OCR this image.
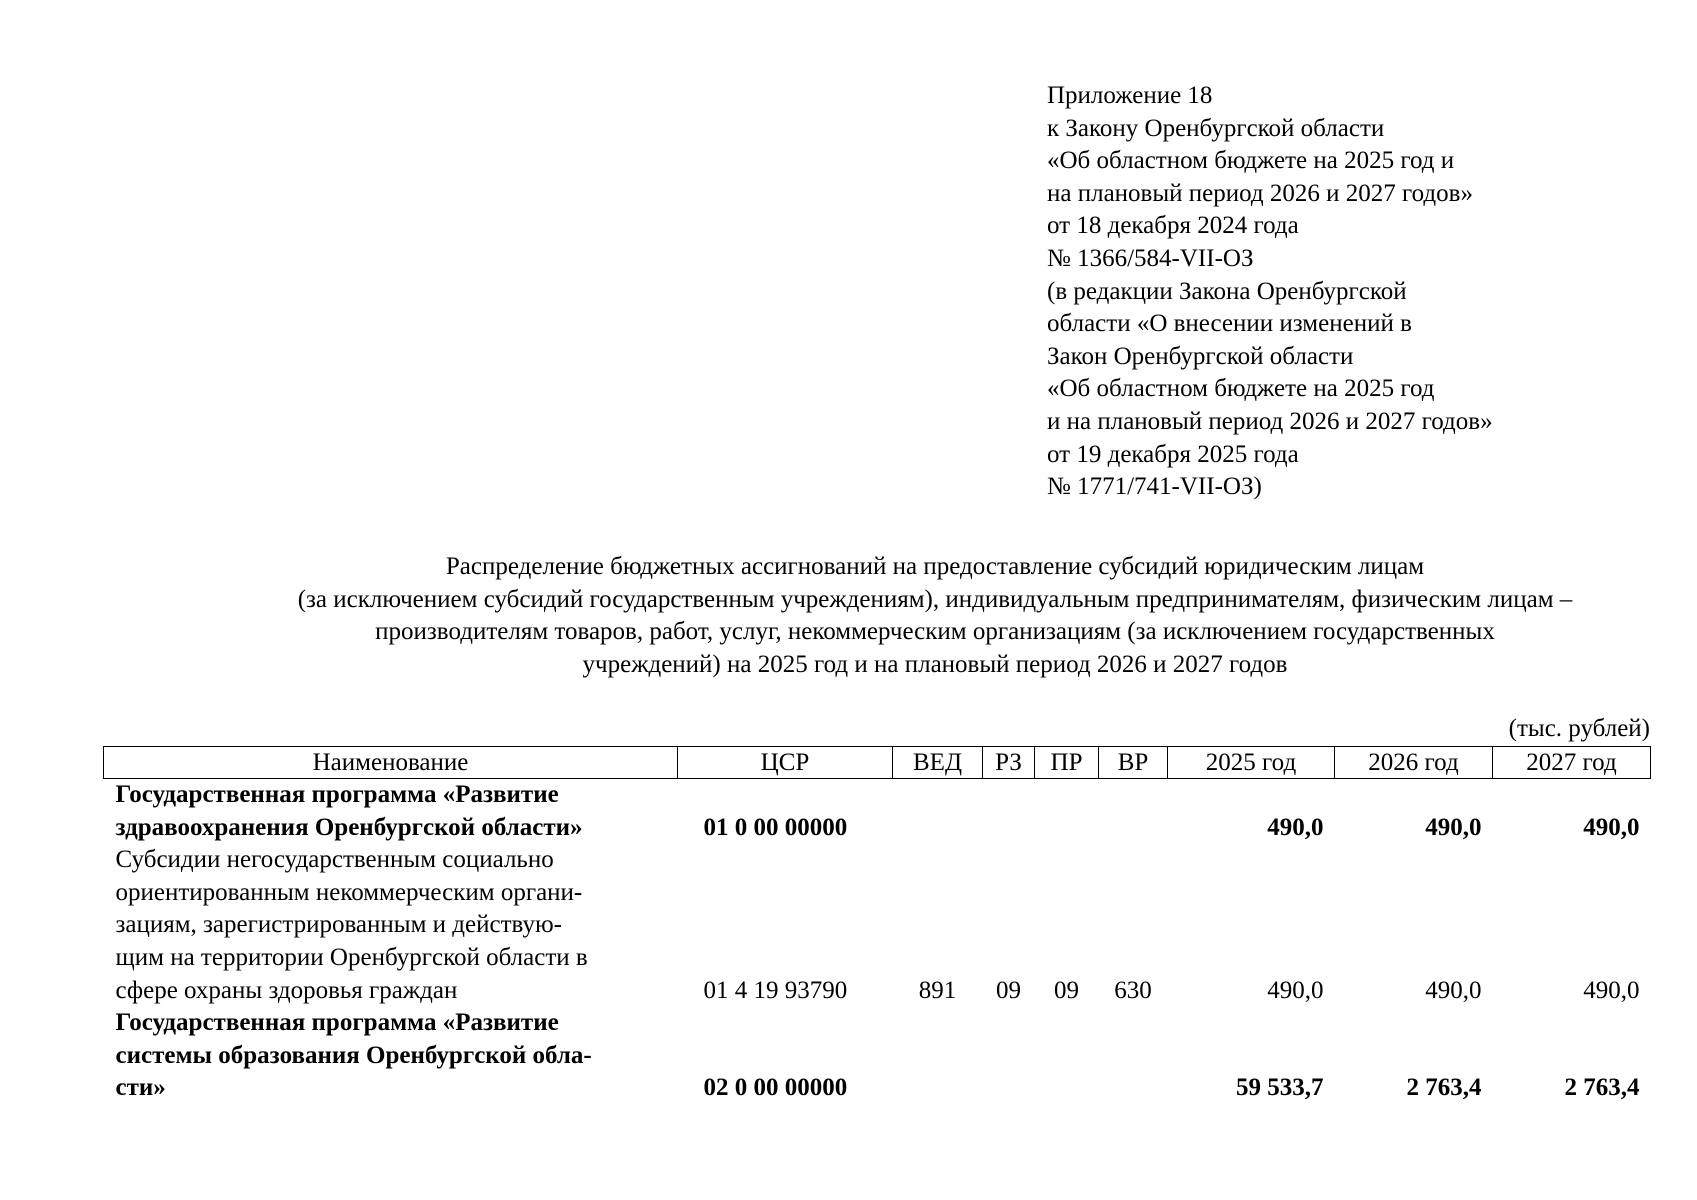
Приложение 18
к Закону Оренбургской области
«Об областном бюджете на 2025 год и
на плановый период 2026 и 2027 годов»
от 18 декабря 2024 года
№ 1366/584-VII-ОЗ
(в редакции Закона Оренбургской
области «О внесении изменений в
Закон Оренбургской области
«Об областном бюджете на 2025 год
и на плановый период 2026 и 2027 годов»
от 19 декабря 2025 года
№ 1771/741-VII-ОЗ)
Распределение бюджетных ассигнований на предоставление субсидий юридическим лицам
(за исключением субсидий государственным учреждениям), индивидуальным предпринимателям, физическим лицам –
производителям товаров, работ, услуг, некоммерческим организациям (за исключением государственных
учреждений) на 2025 год и на плановый период 2026 и 2027 годов
(тыс. рублей)
Наименование	ЦСР	ВЕД	РЗ	ПР	ВР	2025 год	2026 год	2027 год

Государственная программа «Развитие
здравоохранения Оренбургской области»	01 0 00 00000					490,0	490,0	490,0

Субсидии негосударственным социально
ориентированным некоммерческим органи-
зациям, зарегистрированным и действую-
щим на территории Оренбургской области в
сфере охраны здоровья граждан	01 4 19 93790	891	09	09	630	490,0	490,0	490,0

Государственная программа «Развитие
системы образования Оренбургской обла-
сти»	02 0 00 00000					59 533,7	2 763,4	2 763,4
